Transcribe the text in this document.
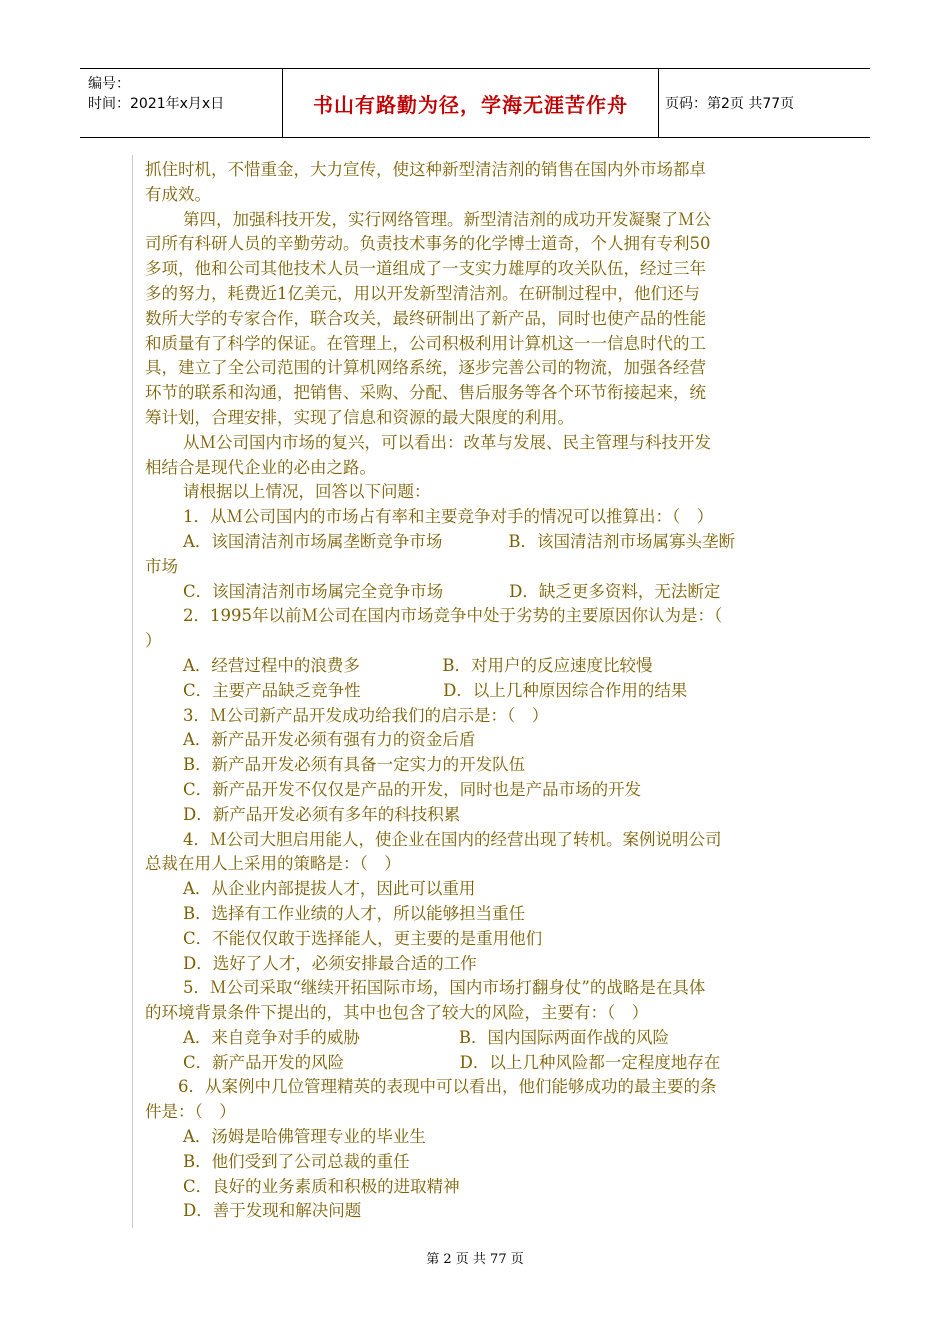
编号：
时间：2021年x月x日	书山有路勤为径，学海无涯苦作舟	页码：第2页 共77页

抓住时机，不惜重金，大力宣传，使这种新型清洁剂的销售在国内外市场都卓

有成效。

第四，加强科技开发，实行网络管理。新型清洁剂的成功开发凝聚了Ｍ公

司所有科研人员的辛勤劳动。负责技术事务的化学博士道奇，个人拥有专利50

多项，他和公司其他技术人员一道组成了一支实力雄厚的攻关队伍，经过三年

多的努力，耗费近1亿美元，用以开发新型清洁剂。在研制过程中，他们还与

数所大学的专家合作，联合攻关，最终研制出了新产品，同时也使产品的性能

和质量有了科学的保证。在管理上，公司积极利用计算机这一一信息时代的工

具，建立了全公司范围的计算机网络系统，逐步完善公司的物流，加强各经营

环节的联系和沟通，把销售、采购、分配、售后服务等各个环节衔接起来，统

筹计划，合理安排，实现了信息和资源的最大限度的利用。

从Ｍ公司国内市场的复兴，可以看出：改革与发展、民主管理与科技开发

相结合是现代企业的必由之路。

请根据以上情况，回答以下问题：

1．从Ｍ公司国内的市场占有率和主要竞争对手的情况可以推算出：（　）

A．该国清洁剂市场属垄断竞争市场　　　　B．该国清洁剂市场属寡头垄断

市场

C．该国清洁剂市场属完全竞争市场　　　　D．缺乏更多资料，无法断定

2．1995年以前Ｍ公司在国内市场竞争中处于劣势的主要原因你认为是：（

）

A．经营过程中的浪费多　　　　　B．对用户的反应速度比较慢

C．主要产品缺乏竞争性　　　　　D．以上几种原因综合作用的结果

3．Ｍ公司新产品开发成功给我们的启示是：（　）

A．新产品开发必须有强有力的资金后盾

B．新产品开发必须有具备一定实力的开发队伍

C．新产品开发不仅仅是产品的开发，同时也是产品市场的开发

D．新产品开发必须有多年的科技积累

4．Ｍ公司大胆启用能人，使企业在国内的经营出现了转机。案例说明公司

总裁在用人上采用的策略是：（　）

A．从企业内部提拔人才，因此可以重用

B．选择有工作业绩的人才，所以能够担当重任

C．不能仅仅敢于选择能人，更主要的是重用他们

D．选好了人才，必须安排最合适的工作

5．Ｍ公司采取“继续开拓国际市场，国内市场打翻身仗”的战略是在具体

的环境背景条件下提出的，其中也包含了较大的风险，主要有：（　）

A．来自竞争对手的威胁　　　　　　B．国内国际两面作战的风险

C．新产品开发的风险　　　　　　　D．以上几种风险都一定程度地存在

6．从案例中几位管理精英的表现中可以看出，他们能够成功的最主要的条

件是：（　）

A．汤姆是哈佛管理专业的毕业生

B．他们受到了公司总裁的重任

C．良好的业务素质和积极的进取精神

D．善于发现和解决问题

第 2 页 共 77 页
